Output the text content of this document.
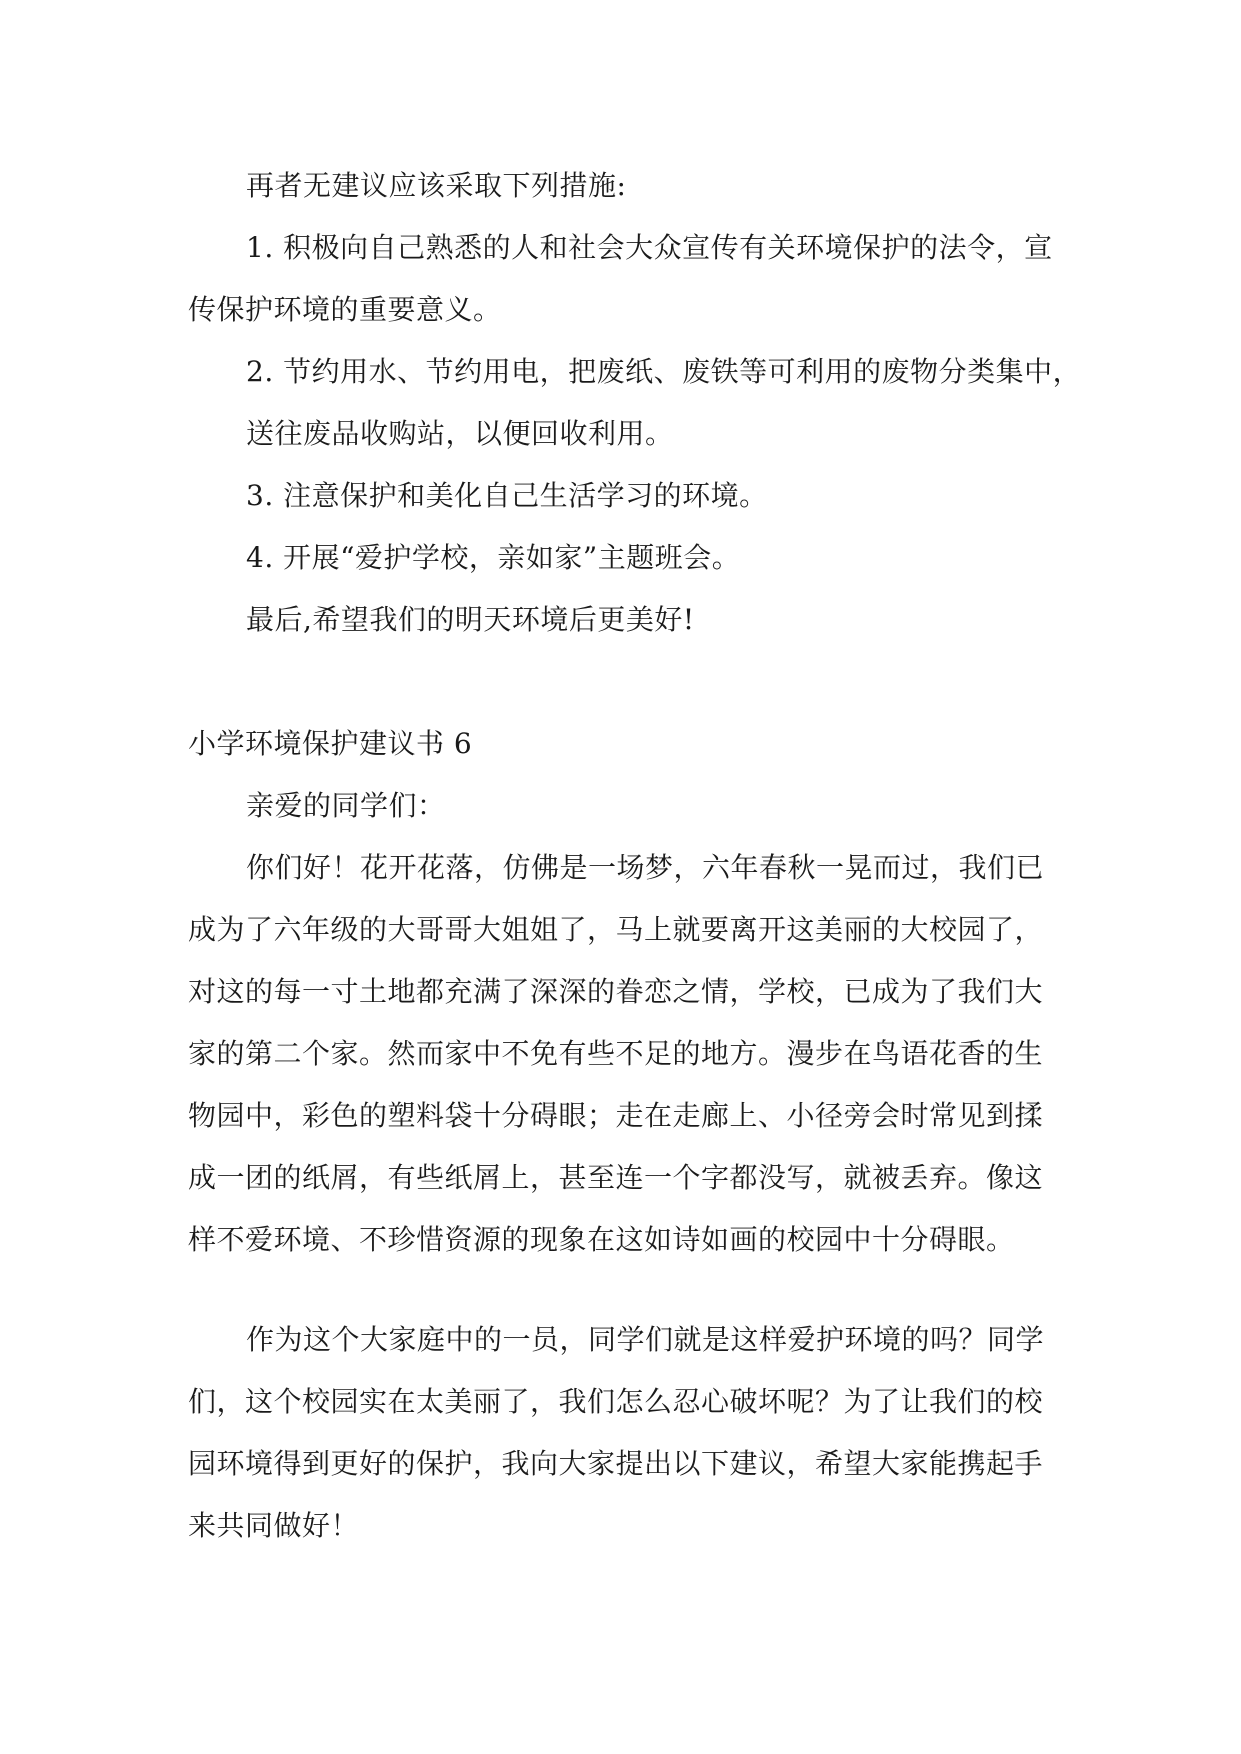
再者无建议应该采取下列措施:
1. 积极向自己熟悉的人和社会大众宣传有关环境保护的法令，宣
传保护环境的重要意义。
2. 节约用水、节约用电，把废纸、废铁等可利用的废物分类集中，
送往废品收购站，以便回收利用。
3. 注意保护和美化自己生活学习的环境。
4. 开展“爱护学校，亲如家”主题班会。
最后,希望我们的明天环境后更美好!
小学环境保护建议书 6
亲爱的同学们：
你们好！花开花落，仿佛是一场梦，六年春秋一晃而过，我们已
成为了六年级的大哥哥大姐姐了，马上就要离开这美丽的大校园了，
对这的每一寸土地都充满了深深的眷恋之情，学校，已成为了我们大
家的第二个家。然而家中不免有些不足的地方。漫步在鸟语花香的生
物园中，彩色的塑料袋十分碍眼；走在走廊上、小径旁会时常见到揉
成一团的纸屑，有些纸屑上，甚至连一个字都没写，就被丢弃。像这
样不爱环境、不珍惜资源的现象在这如诗如画的校园中十分碍眼。
作为这个大家庭中的一员，同学们就是这样爱护环境的吗？同学
们，这个校园实在太美丽了，我们怎么忍心破坏呢？为了让我们的校
园环境得到更好的保护，我向大家提出以下建议，希望大家能携起手
来共同做好！
